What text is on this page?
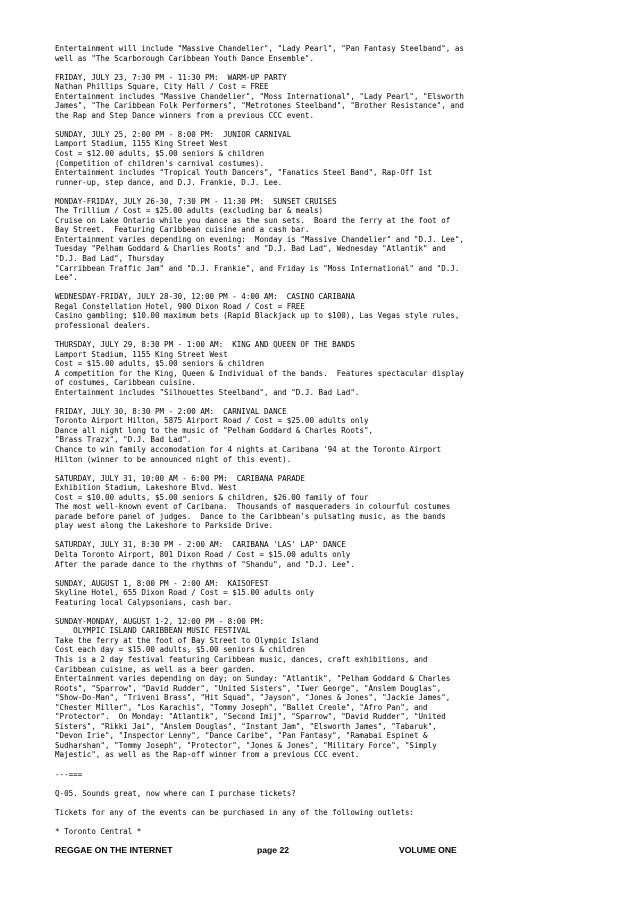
Entertainment will include "Massive Chandelier", "Lady Pearl", "Pan Fantasy Steelband", as
well as "The Scarborough Caribbean Youth Dance Ensemble".
FRIDAY, JULY 23, 7:30 PM - 11:30 PM:  WARM-UP PARTY
Nathan Phillips Square, City Hall / Cost = FREE
Entertainment includes "Massive Chandelier", "Moss International", "Lady Pearl", "Elsworth
James", "The Caribbean Folk Performers", "Metrotones Steelband", "Brother Resistance", and
the Rap and Step Dance winners from a previous CCC event.
SUNDAY, JULY 25, 2:00 PM - 8:00 PM:  JUNIOR CARNIVAL
Lamport Stadium, 1155 King Street West
Cost = $12.00 adults, $5.00 seniors & children
(Competition of children's carnival costumes).
Entertainment includes "Tropical Youth Dancers", "Fanatics Steel Band", Rap-Off 1st
runner-up, step dance, and D.J. Frankie, D.J. Lee.
MONDAY-FRIDAY, JULY 26-30, 7:30 PM - 11:30 PM:  SUNSET CRUISES
The Trillium / Cost = $25.00 adults (excluding bar & meals)
Cruise on Lake Ontario while you dance as the sun sets.  Board the ferry at the foot of
Bay Street.  Featuring Caribbean cuisine and a cash bar.
Entertainment varies depending on evening:  Monday is "Massive Chandelier" and "D.J. Lee",
Tuesday "Pelham Goddard & Charlies Roots" and "D.J. Bad Lad", Wednesday "Atlantik" and
"D.J. Bad Lad", Thursday
"Carribbean Traffic Jam" and "D.J. Frankie", and Friday is "Moss International" and "D.J.
Lee".
WEDNESDAY-FRIDAY, JULY 28-30, 12:00 PM - 4:00 AM:  CASINO CARIBANA
Regal Constellation Hotel, 900 Dixon Road / Cost = FREE
Casino gambling; $10.00 maximum bets (Rapid Blackjack up to $100), Las Vegas style rules,
professional dealers.
THURSDAY, JULY 29, 8:30 PM - 1:00 AM:  KING AND QUEEN OF THE BANDS
Lamport Stadium, 1155 King Street West
Cost = $15.00 adults, $5.00 seniors & children
A competition for the King, Queen & Individual of the bands.  Features spectacular display
of costumes, Caribbean cuisine.
Entertainment includes "Silhouettes Steelband", and "D.J. Bad Lad".
FRIDAY, JULY 30, 8:30 PM - 2:00 AM:  CARNIVAL DANCE
Toronto Airport Hilton, 5875 Airport Road / Cost = $25.00 adults only
Dance all night long to the music of "Pelham Goddard & Charles Roots",
"Brass Trazx", "D.J. Bad Lad".
Chance to win family accomodation for 4 nights at Caribana '94 at the Toronto Airport
Hilton (winner to be announced night of this event).
SATURDAY, JULY 31, 10:00 AM - 6:00 PM:  CARIBANA PARADE
Exhibition Stadium, Lakeshore Blvd. West
Cost = $10.00 adults, $5.00 seniors & children, $26.00 family of four
The most well-known event of Caribana.  Thousands of masqueraders in colourful costumes
parade before panel of judges.  Dance to the Caribbean's pulsating music, as the bands
play west along the Lakeshore to Parkside Drive.
SATURDAY, JULY 31, 8:30 PM - 2:00 AM:  CARIBANA 'LAS' LAP' DANCE
Delta Toronto Airport, 801 Dixon Road / Cost = $15.00 adults only
After the parade dance to the rhythms of "Shandu", and "D.J. Lee".
SUNDAY, AUGUST 1, 8:00 PM - 2:00 AM:  KAISOFEST
Skyline Hotel, 655 Dixon Road / Cost = $15.00 adults only
Featuring local Calypsonians, cash bar.
SUNDAY-MONDAY, AUGUST 1-2, 12:00 PM - 8:00 PM:
OLYMPIC ISLAND CARIBBEAN MUSIC FESTIVAL
Take the ferry at the foot of Bay Street to Olympic Island
Cost each day = $15.00 adults, $5.00 seniors & children
This is a 2 day festival featuring Caribbean music, dances, craft exhibitions, and
Caribbean cuisine, as well as a beer garden.
Entertainment varies depending on day; on Sunday: "Atlantik", "Pelham Goddard & Charles
Roots", "Sparrow", "David Rudder", "United Sisters", "Iwer George", "Anslem Douglas",
"Show-Do-Man", "Triveni Brass", "Hit Squad", "Jayson", "Jones & Jones", "Jackie James",
"Chester Miller", "Los Karachis", "Tommy Joseph", "Ballet Creole", "Afro Pan", and
"Protector".  On Monday: "Atlantik", "Second Imij", "Sparrow", "David Rudder", "United
Sisters", "Rikki Jai", "Anslem Douglas", "Instant Jam", "Elsworth James", "Tabaruk",
"Devon Irie", "Inspector Lenny", "Dance Caribe", "Pan Fantasy", "Ramabai Espinet &
Sudharshan", "Tommy Joseph", "Protector", "Jones & Jones", "Military Force", "Simply
Majestic", as well as the Rap-off winner from a previous CCC event.
---===
Q-05. Sounds great, now where can I purchase tickets?
Tickets for any of the events can be purchased in any of the following outlets:
* Toronto Central *
REGGAE ON THE INTERNET	page 22	VOLUME ONE
